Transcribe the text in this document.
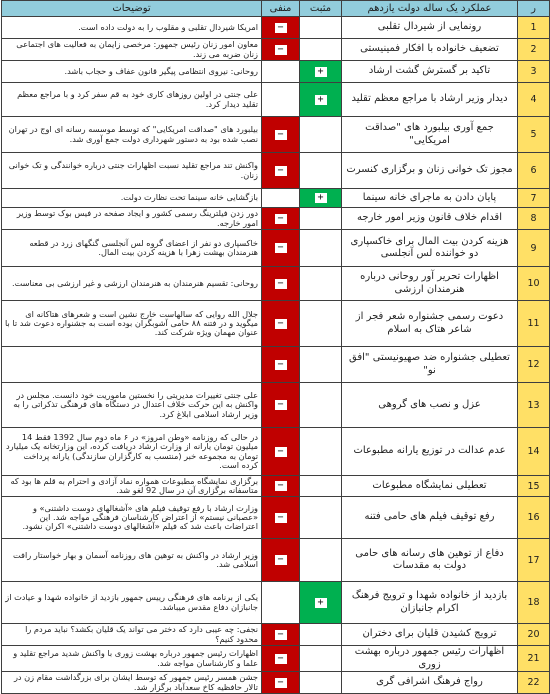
ر	عملکرد یک ساله دولت یازدهم	مثبت	منفی	توضیحات
1	رونمایی از شیردال تقلبی		−	امریکا شیردال تقلبی و مقلوب را به دولت داده است.
2	تضعیف خانواده با افکار فمینیستی		−	معاون امور زنان رئیس جمهور: مرخصی زایمان به فعالیت های اجتماعی زنان ضربه می زند.
3	تاکید بر گسترش گشت ارشاد	+		روحانی: نیروی انتظامی پیگیر قانون عفاف و حجاب باشد.
4	دیدار وزیر ارشاد با مراجع معظم تقلید	+		علی جنتی در اولین روزهای کاری خود به قم سفر کرد و با مراجع معظم تقلید دیدار کرد.
5	جمع آوری بیلبورد های "صداقت امریکایی"		−	بیلبورد های "صداقت امریکایی" که توسط موسسه رسانه ای اوج در تهران نصب شده بود به دستور شهرداری دولت جمع آوری شد.
6	مجوز تک خوانی زنان و برگزاری کنسرت		−	واکنش تند مراجع تقلید نسبت اظهارات جنتی درباره خوانندگی و تک خوانی زنان.
7	پایان دادن به ماجرای خانه سینما	+		بازگشایی خانه سینما تحت نظارت دولت.
8	اقدام خلاف قانون وزیر امور خارجه		−	دور زدن فیلترینگ رسمی کشور و ایجاد صفحه در فیس بوک توسط وزیر امور خارجه.
9	هزینه کردن بیت المال برای خاکسپاری دو خواننده لس آنجلسی		−	خاکسپاری دو نفر از اعضای گروه لس آنجلسی گنگهای زرد در قطعه هنرمندان بهشت زهرا با هزینه کردن بیت المال.
10	اظهارات تحریر آور روحانی درباره هنرمندان ارزشی		−	روحانی: تقسیم هنرمندان به هنرمندان ارزشی و غیر ارزشی بی معناست.
11	دعوت رسمی جشنواره شعر فجر از شاعر هتاک به اسلام		−	جلال الله روایی که سالهاست خارج نشین است و شعرهای هتاکانه ای میگوید و در فتنه ۸۸ حامی آشوبگران بوده است به جشنواره دعوت شد تا با عنوان مهمان ویژه شرکت کند.
12	تعطیلی جشنواره ضد صهیونیستی "افق نو"		−	
13	عزل و نصب های گروهی		−	علی جنتی تغییرات مدیریتی را نخستین ماموریت خود دانست. مجلس در واکنش به این حرکت خلاف اعتدال در دستگاه های فرهنگی تذکراتی را به وزیر ارشاد اسلامی ابلاغ کرد.
14	عدم عدالت در توزیع یارانه مطبوعات		−	در حالی که روزنامه «وطن امروز» در ۶ ماه دوم سال 1392 فقط 14 میلیون تومان یارانه از وزارت ارشاد دریافت کرده، این وزارتخانه یک میلیارد تومان به مجموعه خبر (منتسب به کارگزاران سازندگی) یارانه پرداخت کرده است.
15	تعطیلی نمایشگاه مطبوعات		−	برگزاری نمایشگاه مطبوعات همواره نماد آزادی و احترام به قلم ها بود که متاسفانه برگزاری آن در سال 92 لغو شد.
16	رفع توقیف فیلم های حامی فتنه		−	وزارت ارشاد با رفع توقیف فیلم های «آشغالهای دوست داشتنی» و «عصبانی نیستم» از اعتراض کارشناسان فرهنگی مواجه شد. این اعتراضات باعث شد که فیلم «آشغالهای دوست داشتنی» اکران نشود.
17	دفاع از توهین های رسانه های حامی دولت به مقدسات		−	وزیر ارشاد در واکنش به توهین های روزنامه آسمان و بهار خواستار رافت اسلامی شد.
18	بازدید از خانواده شهدا و ترویج فرهنگ اکرام جانبازان	+		یکی از برنامه های فرهنگی رییس جمهور بازدید از خانواده شهدا و عیادت از جانبازان دفاع مقدس میباشد.
20	ترویج کشیدن قلیان برای دختران		−	نجفی: چه عیبی دارد که دختر می تواند یک قلیان بکشد؟ نباید مردم را محدود کنیم؟
21	اظهارات رئیس جمهور درباره بهشت زوری		−	اظهارات رئیس جمهور درباره بهشت زوری با واکنش شدید مراجع تقلید و علما و کارشناسان مواجه شد.
22	رواج فرهنگ اشرافی گری		−	جشن همسر رئیس جمهور که توسط ایشان برای بزرگداشت مقام زن در تالار حافظیه کاخ سعدآباد برگزار شد.
